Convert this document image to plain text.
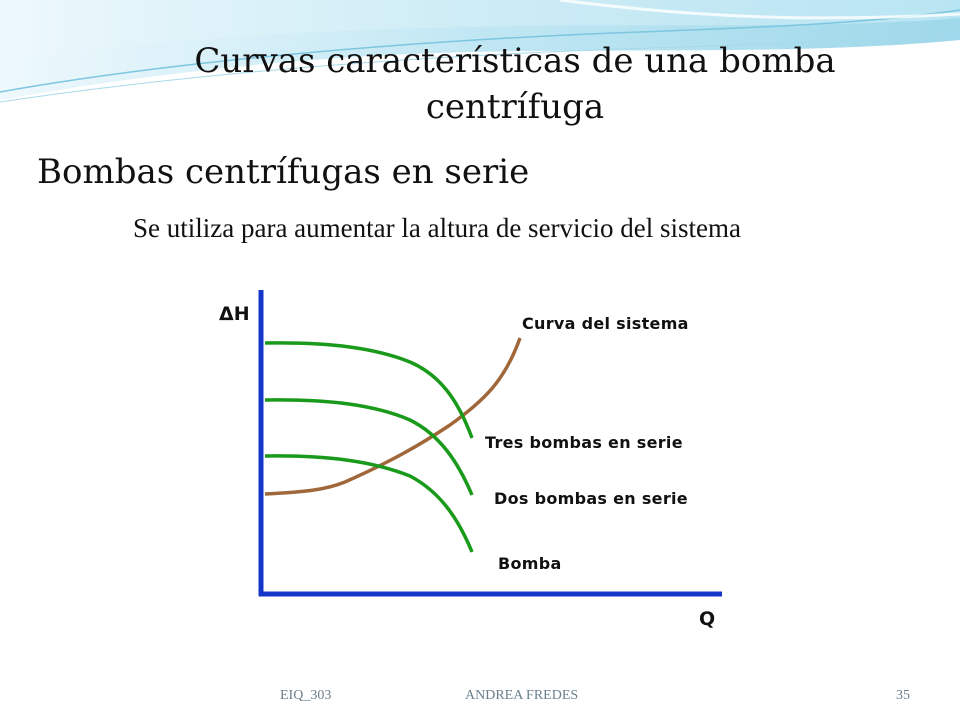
Curvas características de una bomba centrífuga
Bombas centrífugas en serie
Se utiliza para aumentar la altura de servicio del sistema
ΔH
Q
Curva del sistema
Tres bombas en serie
Dos bombas en serie
Bomba
EIQ_303	ANDREA FREDES	35
